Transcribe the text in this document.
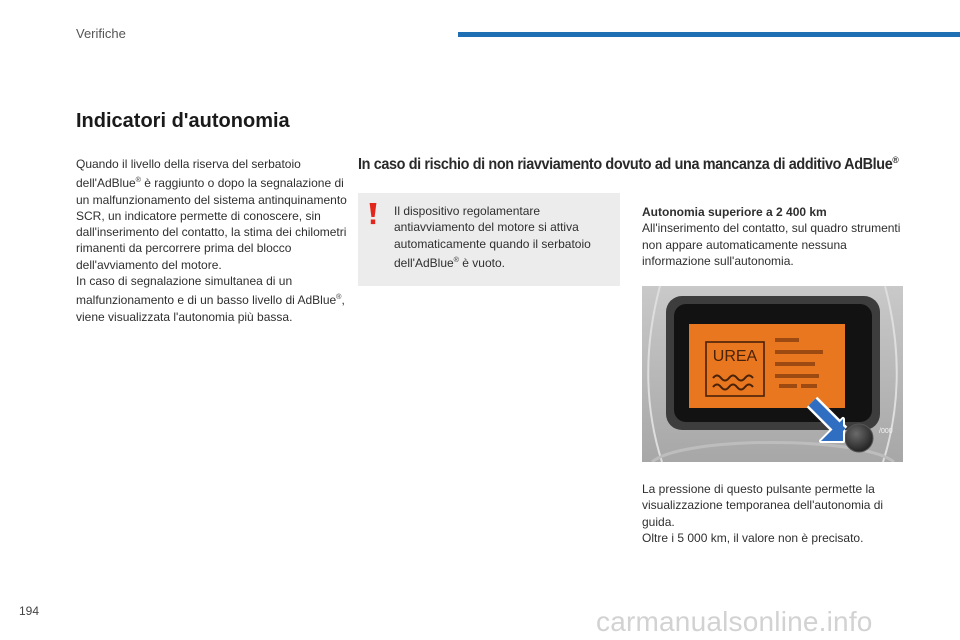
Verifiche
Indicatori d'autonomia

Quando il livello della riserva del serbatoio dell'AdBlue® è raggiunto o dopo la segnalazione di un malfunzionamento del sistema antinquinamento SCR, un indicatore permette di conoscere, sin dall'inserimento del contatto, la stima dei chilometri rimanenti da percorrere prima del blocco dell'avviamento del motore.

In caso di segnalazione simultanea di un malfunzionamento e di un basso livello di AdBlue®, viene visualizzata l'autonomia più bassa.

In caso di rischio di non riavviamento dovuto ad una mancanza di additivo AdBlue®

Il dispositivo regolamentare antiavviamento del motore si attiva automaticamente quando il serbatoio dell'AdBlue® è vuoto.

Autonomia superiore a 2 400 km

All'inserimento del contatto, sul quadro strumenti non appare automaticamente nessuna informazione sull'autonomia.

UREA
/000

La pressione di questo pulsante permette la visualizzazione temporanea dell'autonomia di guida.

Oltre i 5 000 km, il valore non è precisato.

194	carmanualsonline.info
